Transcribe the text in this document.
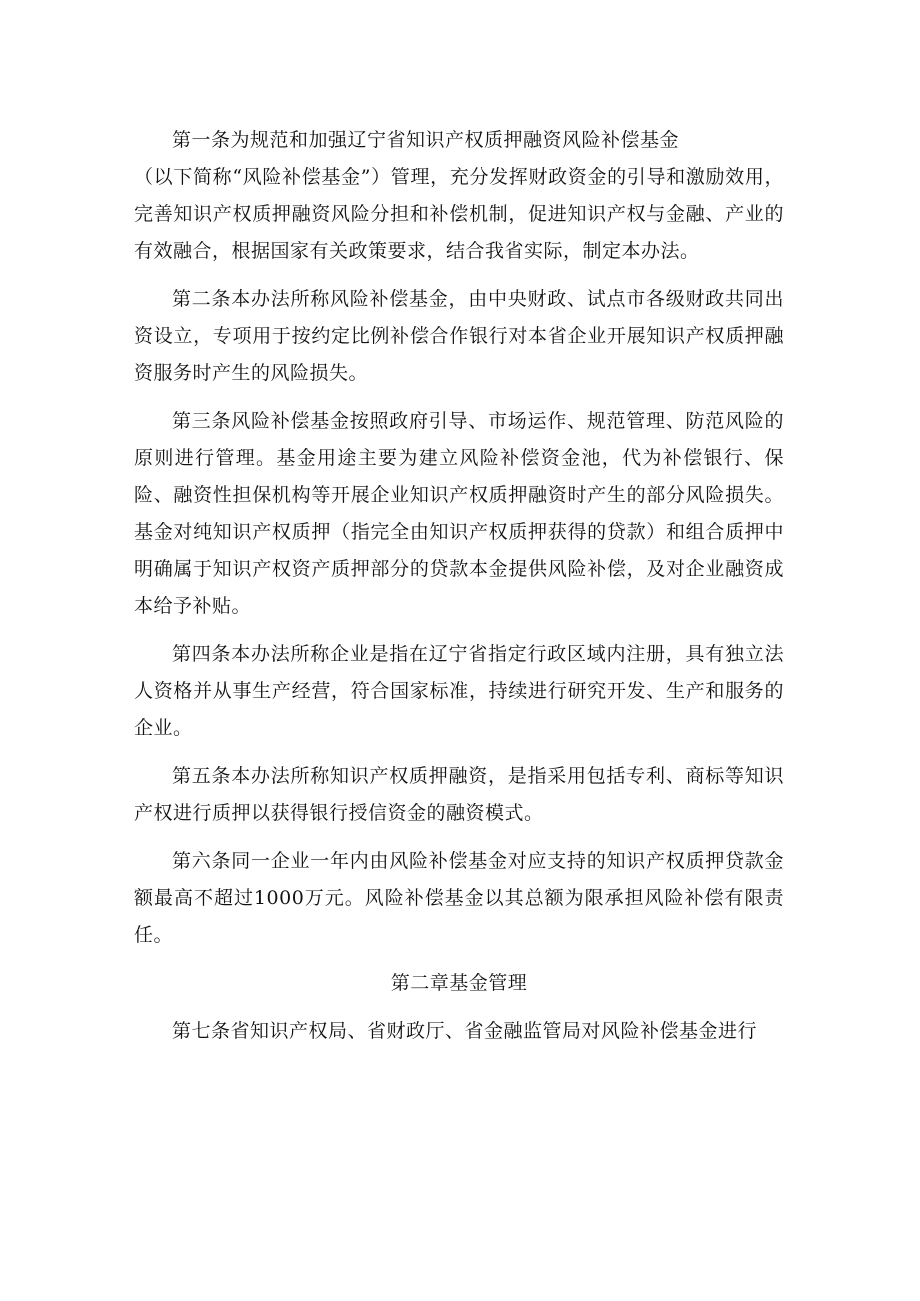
第一条为规范和加强辽宁省知识产权质押融资风险补偿基金

（以下简称“风险补偿基金”）管理，充分发挥财政资金的引导和激励效用，完善知识产权质押融资风险分担和补偿机制，促进知识产权与金融、产业的有效融合，根据国家有关政策要求，结合我省实际，制定本办法。

第二条本办法所称风险补偿基金，由中央财政、试点市各级财政共同出资设立，专项用于按约定比例补偿合作银行对本省企业开展知识产权质押融资服务时产生的风险损失。

第三条风险补偿基金按照政府引导、市场运作、规范管理、防范风险的原则进行管理。基金用途主要为建立风险补偿资金池，代为补偿银行、保险、融资性担保机构等开展企业知识产权质押融资时产生的部分风险损失。基金对纯知识产权质押（指完全由知识产权质押获得的贷款）和组合质押中明确属于知识产权资产质押部分的贷款本金提供风险补偿，及对企业融资成本给予补贴。

第四条本办法所称企业是指在辽宁省指定行政区域内注册，具有独立法人资格并从事生产经营，符合国家标准，持续进行研究开发、生产和服务的企业。

第五条本办法所称知识产权质押融资，是指采用包括专利、商标等知识产权进行质押以获得银行授信资金的融资模式。

第六条同一企业一年内由风险补偿基金对应支持的知识产权质押贷款金额最高不超过1000万元。风险补偿基金以其总额为限承担风险补偿有限责任。

第二章基金管理

第七条省知识产权局、省财政厅、省金融监管局对风险补偿基金进行
